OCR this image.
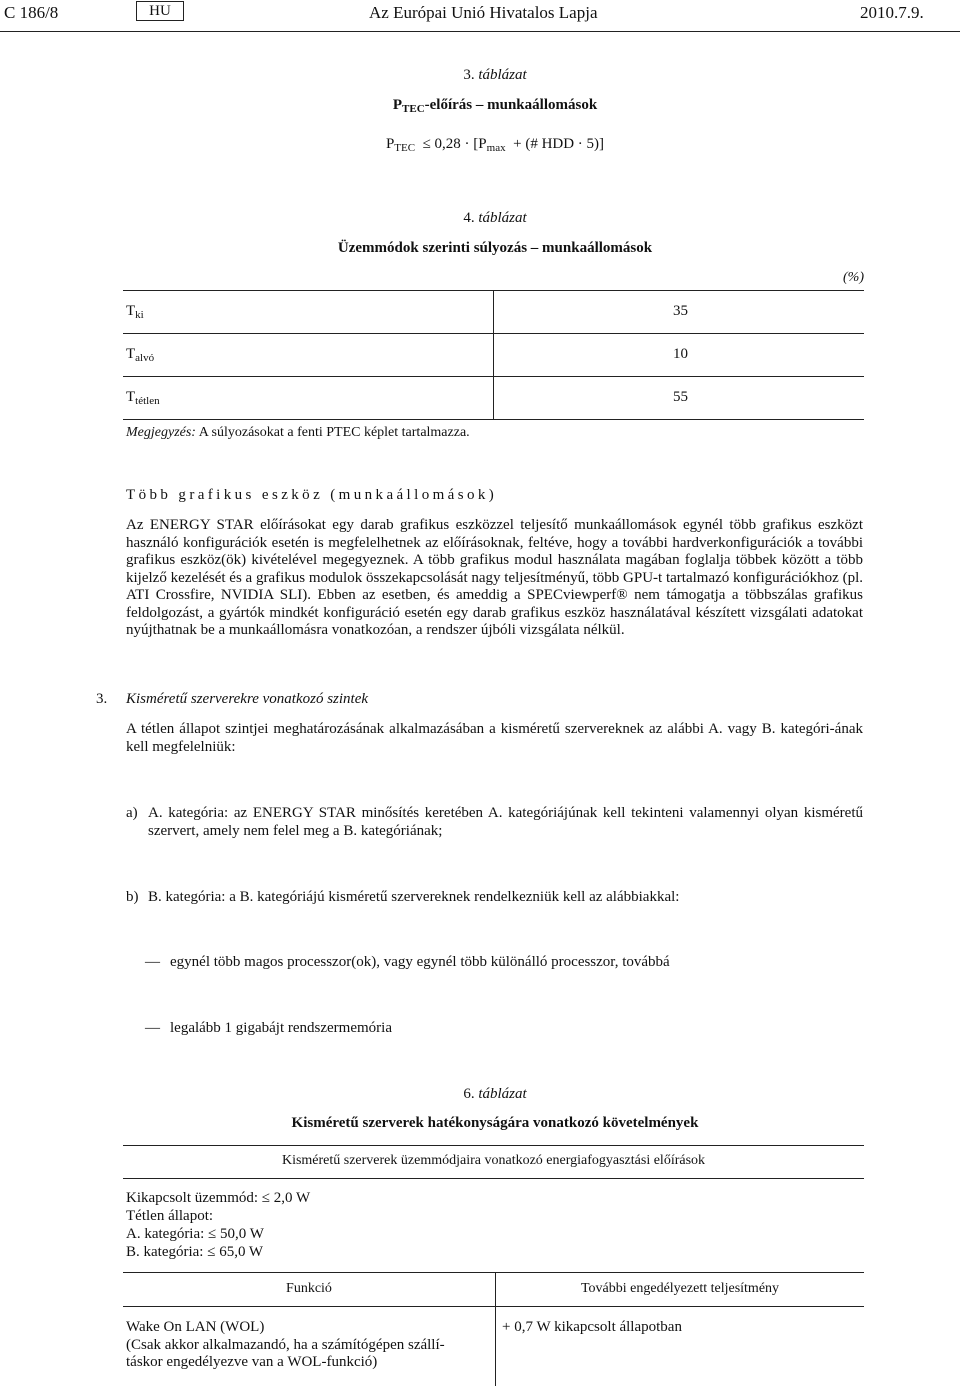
C 186/8	HU	Az Európai Unió Hivatalos Lapja	2010.7.9.
3. táblázat
$P_{TEC}$-előírás – munkaállomások
$P_{TEC} \le 0,28 \cdot [P_{max}$ + (# HDD · 5)]
4. táblázat
Üzemmódok szerinti súlyozás – munkaállomások
(%)
$T_{ki}$	35
$T_{alvó}$	10
$T_{tétlen}$	55
Megjegyzés: A súlyozásokat a fenti PTEC képlet tartalmazza.
Több grafikus eszköz (munkaállomások)
Az ENERGY STAR előírásokat egy darab grafikus eszközzel teljesítő munkaállomások egynél több grafikus eszközt használó konfigurációk esetén is megfelelhetnek az előírásoknak, feltéve, hogy a további hardverkonfigurációk a további grafikus eszköz(ök) kivételével megegyeznek. A több grafikus modul használata magában foglalja többek között a több kijelző kezelését és a grafikus modulok összekapcsolását nagy teljesítményű, több GPU-t tartalmazó konfigurációkhoz (pl. ATI Crossfire, NVIDIA SLI). Ebben az esetben, és ameddig a SPECviewperf® nem támogatja a többszálas grafikus feldolgozást, a gyártók mindkét konfiguráció esetén egy darab grafikus eszköz használatával készített vizsgálati adatokat nyújthatnak be a munkaállomásra vonatkozóan, a rendszer újbóli vizsgálata nélkül.
3. Kisméretű szerverekre vonatkozó szintek
A tétlen állapot szintjei meghatározásának alkalmazásában a kisméretű szervereknek az alábbi A. vagy B. kategóri-ának kell megfelelniük:
a) A. kategória: az ENERGY STAR minősítés keretében A. kategóriájúnak kell tekinteni valamennyi olyan kisméretű szervert, amely nem felel meg a B. kategóriának;
b) B. kategória: a B. kategóriájú kisméretű szervereknek rendelkezniük kell az alábbiakkal:
— egynél több magos processzor(ok), vagy egynél több különálló processzor, továbbá
— legalább 1 gigabájt rendszermemória
6. táblázat
Kisméretű szerverek hatékonyságára vonatkozó követelmények
Kisméretű szerverek üzemmódjaira vonatkozó energiafogyasztási előírások
Kikapcsolt üzemmód: ≤ 2,0 W
Tétlen állapot:
A. kategória: ≤ 50,0 W
B. kategória: ≤ 65,0 W
Funkció	További engedélyezett teljesítmény
Wake On LAN (WOL)
(Csak akkor alkalmazandó, ha a számítógépen szállí-
táskor engedélyezve van a WOL-funkció)
+ 0,7 W kikapcsolt állapotban
